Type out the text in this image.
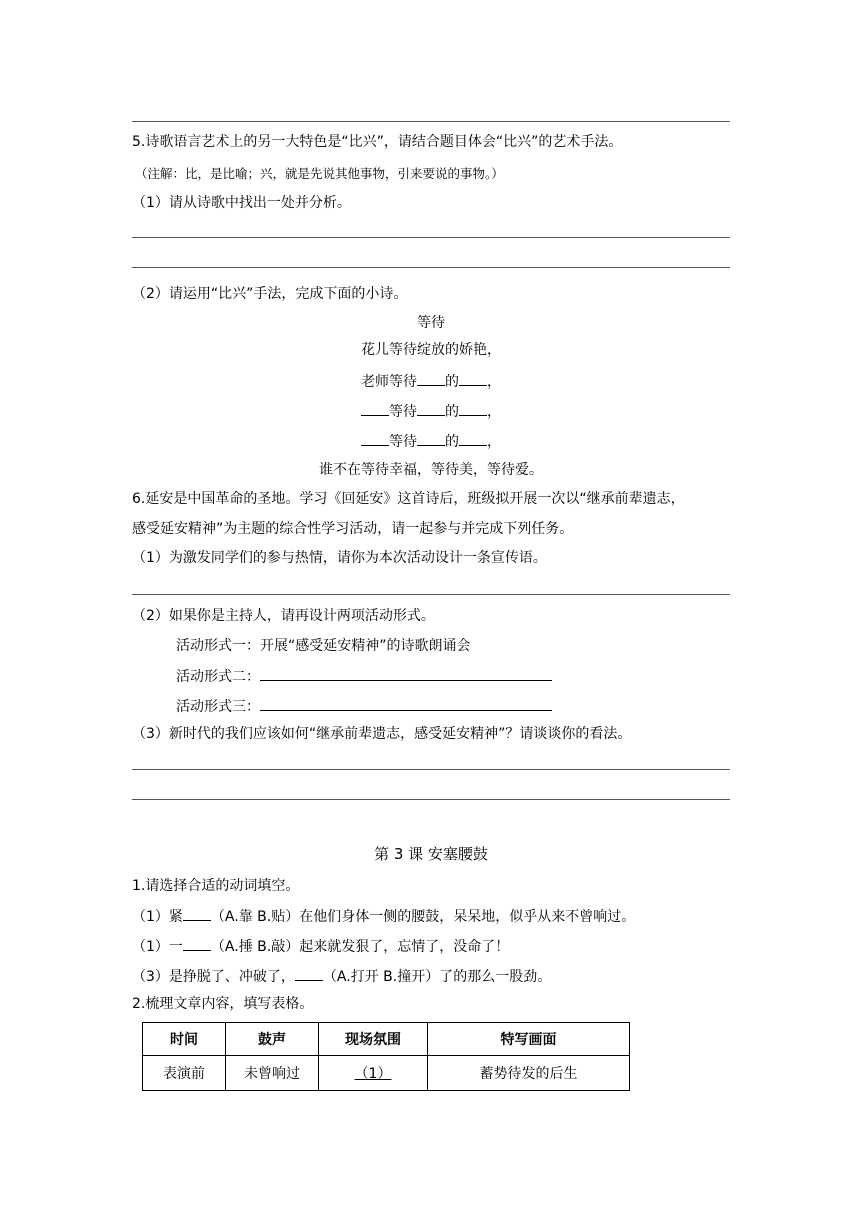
5.诗歌语言艺术上的另一大特色是“比兴”，请结合题目体会“比兴”的艺术手法。
（注解：比，是比喻；兴，就是先说其他事物，引来要说的事物。）
（1）请从诗歌中找出一处并分析。
（2）请运用“比兴”手法，完成下面的小诗。
等待
花儿等待绽放的娇艳，
老师等待 的 ，
等待 的 ，
等待 的 ，
谁不在等待幸福，等待美，等待爱。
6.延安是中国革命的圣地。学习《回延安》这首诗后，班级拟开展一次以“继承前辈遗志，
感受延安精神”为主题的综合性学习活动，请一起参与并完成下列任务。
（1）为激发同学们的参与热情，请你为本次活动设计一条宣传语。
（2）如果你是主持人，请再设计两项活动形式。
活动形式一：开展“感受延安精神”的诗歌朗诵会
活动形式二：
活动形式三：
（3）新时代的我们应该如何“继承前辈遗志，感受延安精神”？请谈谈你的看法。
第 3 课 安塞腰鼓
1.请选择合适的动词填空。
（1）紧 （A.靠 B.贴）在他们身体一侧的腰鼓，呆呆地，似乎从来不曾响过。
（1）一 （A.捶 B.敲）起来就发狠了，忘情了，没命了！
（3）是挣脱了、冲破了， （A.打开 B.撞开）了的那么一股劲。
2.梳理文章内容，填写表格。
时间	鼓声	现场氛围	特写画面
表演前	未曾响过	（1）	蓄势待发的后生
